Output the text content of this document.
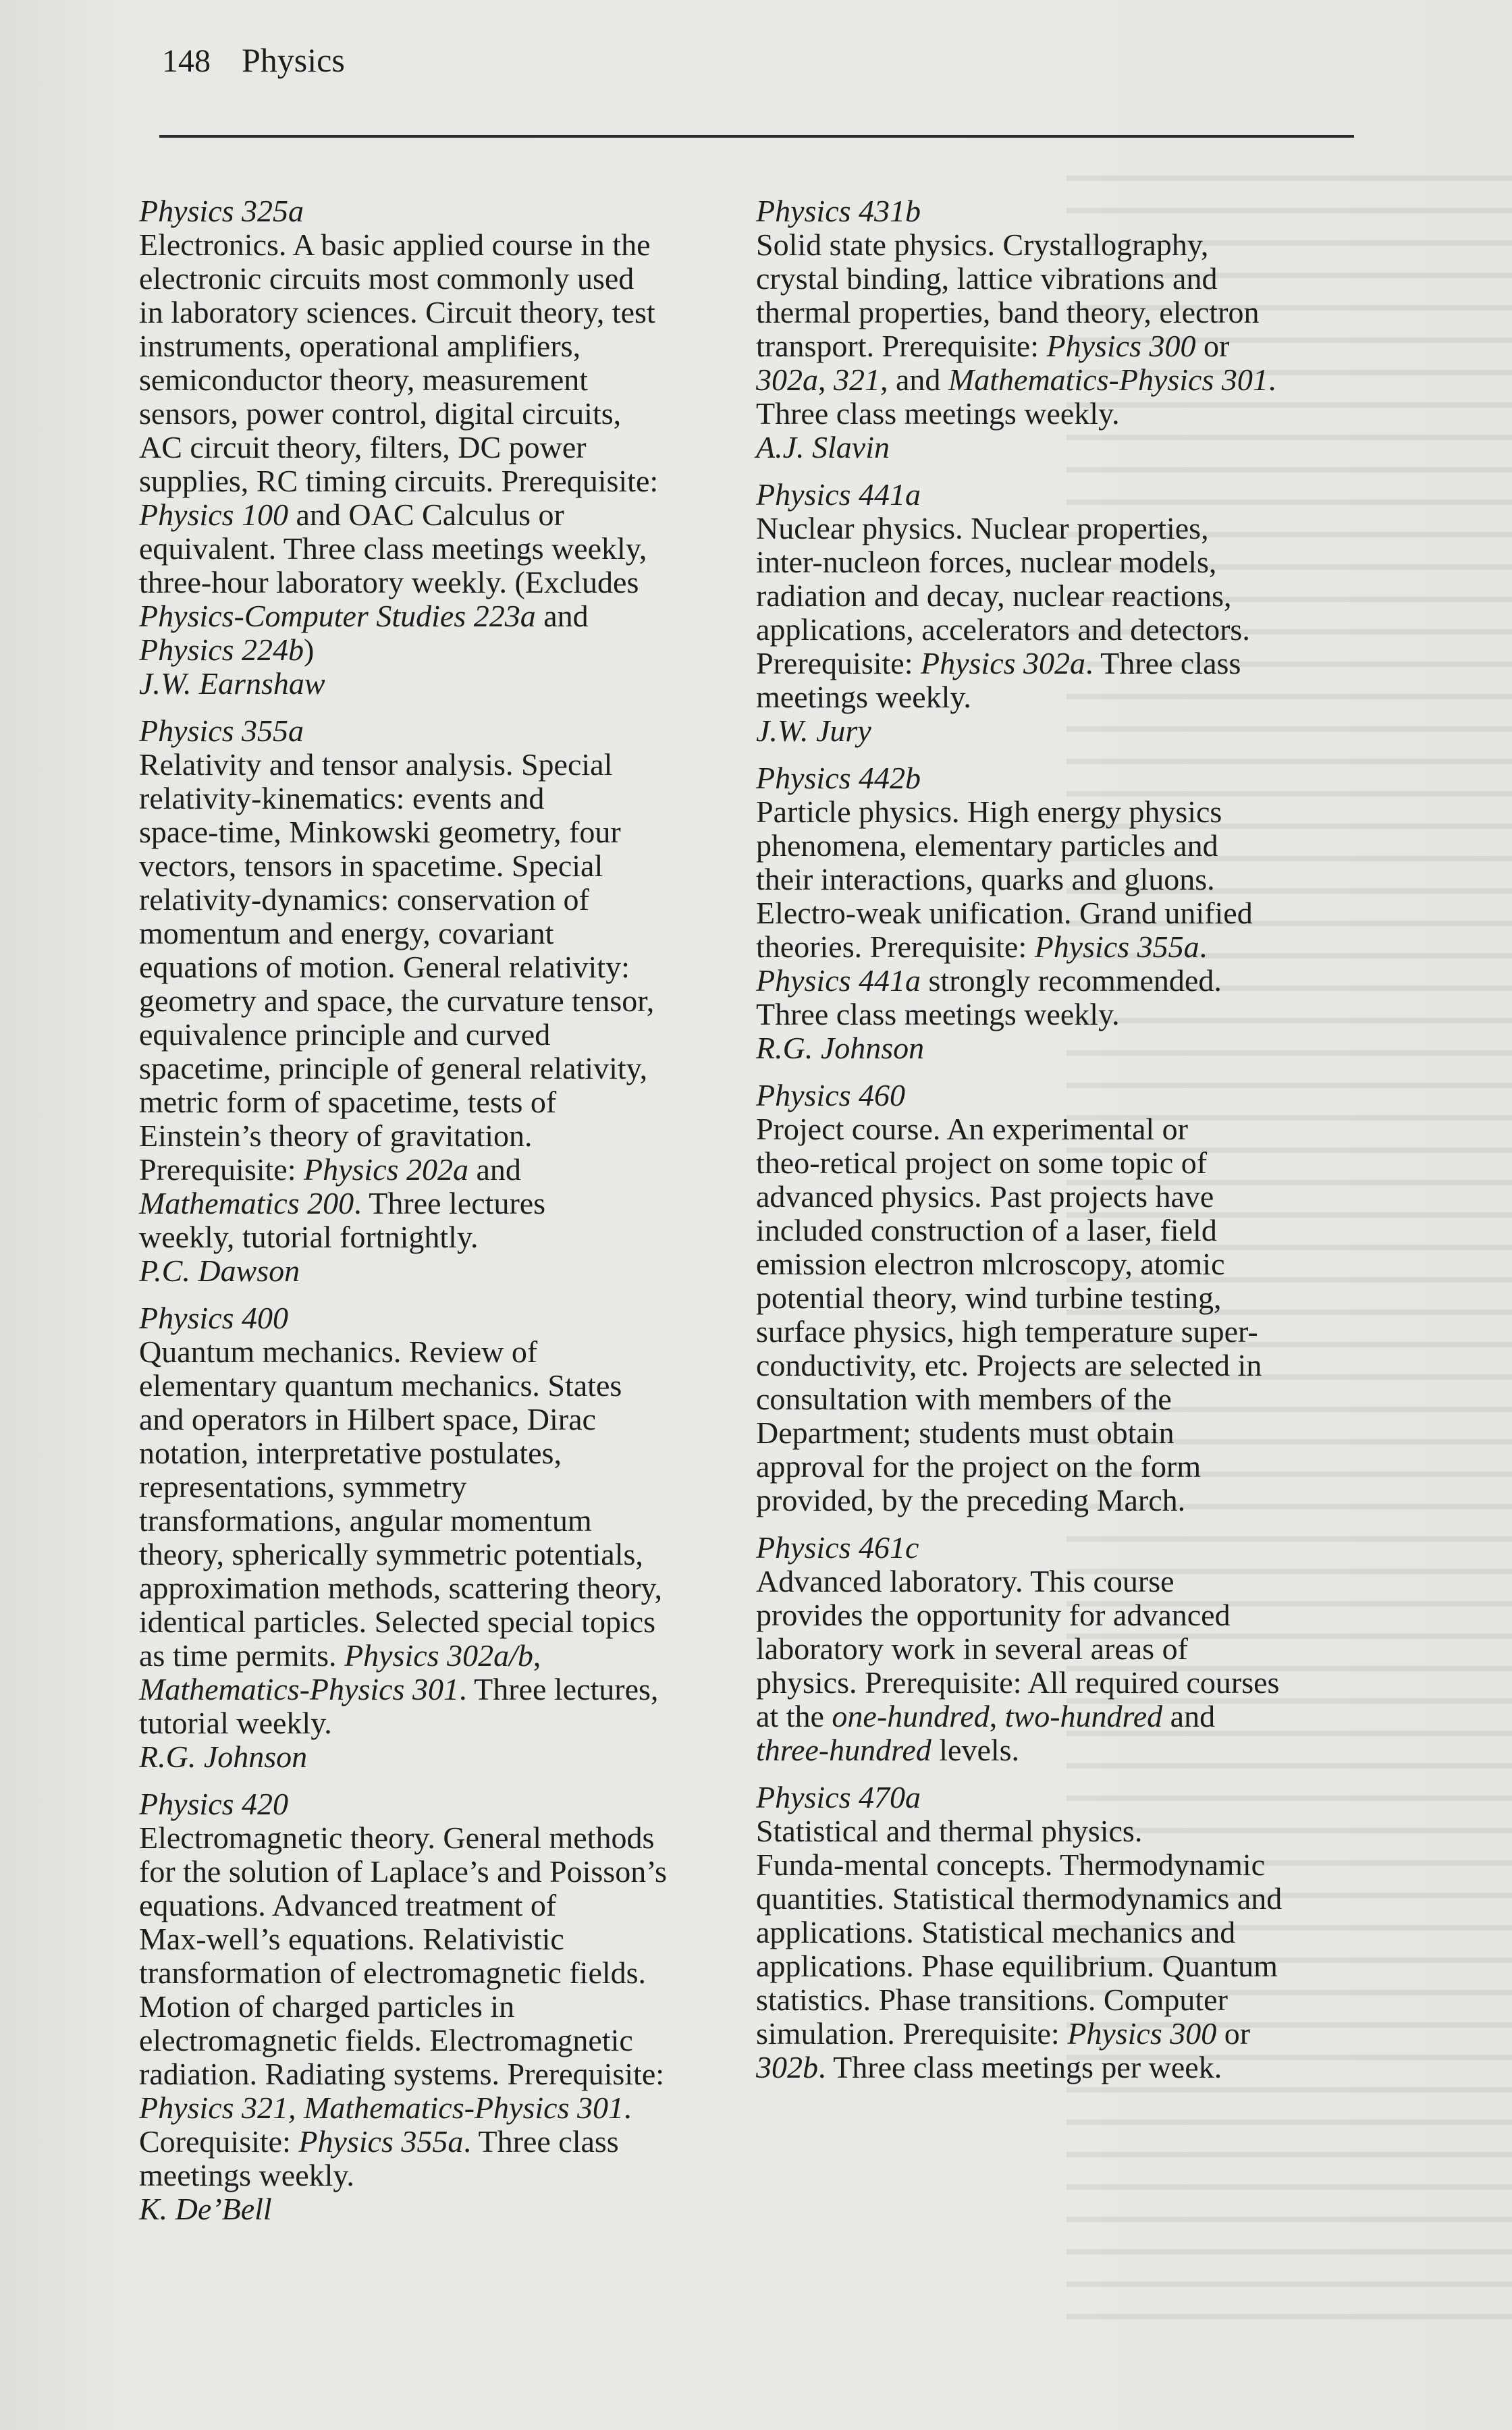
148 Physics
Physics 325a
Electronics. A basic applied course in the
electronic circuits most commonly used
in laboratory sciences. Circuit theory, test
instruments, operational amplifiers,
semiconductor theory, measurement
sensors, power control, digital circuits,
AC circuit theory, filters, DC power
supplies, RC timing circuits. Prerequisite:
Physics 100 and OAC Calculus or
equivalent. Three class meetings weekly,
three-hour laboratory weekly. (Excludes
Physics-Computer Studies 223a and
Physics 224b)
J.W. Earnshaw
Physics 355a
Relativity and tensor analysis. Special
relativity-kinematics: events and
space-time, Minkowski geometry, four
vectors, tensors in spacetime. Special
relativity-dynamics: conservation of
momentum and energy, covariant
equations of motion. General relativity:
geometry and space, the curvature tensor,
equivalence principle and curved
spacetime, principle of general relativity,
metric form of spacetime, tests of
Einstein’s theory of gravitation.
Prerequisite: Physics 202a and
Mathematics 200. Three lectures
weekly, tutorial fortnightly.
P.C. Dawson
Physics 400
Quantum mechanics. Review of
elementary quantum mechanics. States
and operators in Hilbert space, Dirac
notation, interpretative postulates,
representations, symmetry
transformations, angular momentum
theory, spherically symmetric potentials,
approximation methods, scattering theory,
identical particles. Selected special topics
as time permits. Physics 302a/b,
Mathematics-Physics 301. Three lectures,
tutorial weekly.
R.G. Johnson
Physics 420
Electromagnetic theory. General methods
for the solution of Laplace’s and Poisson’s
equations. Advanced treatment of
Max-well’s equations. Relativistic
transformation of electromagnetic fields.
Motion of charged particles in
electromagnetic fields. Electromagnetic
radiation. Radiating systems. Prerequisite:
Physics 321, Mathematics-Physics 301.
Corequisite: Physics 355a. Three class
meetings weekly.
K. De’Bell
Physics 431b
Solid state physics. Crystallography,
crystal binding, lattice vibrations and
thermal properties, band theory, electron
transport. Prerequisite: Physics 300 or
302a, 321, and Mathematics-Physics 301.
Three class meetings weekly.
A.J. Slavin
Physics 441a
Nuclear physics. Nuclear properties,
inter-nucleon forces, nuclear models,
radiation and decay, nuclear reactions,
applications, accelerators and detectors.
Prerequisite: Physics 302a. Three class
meetings weekly.
J.W. Jury
Physics 442b
Particle physics. High energy physics
phenomena, elementary particles and
their interactions, quarks and gluons.
Electro-weak unification. Grand unified
theories. Prerequisite: Physics 355a.
Physics 441a strongly recommended.
Three class meetings weekly.
R.G. Johnson
Physics 460
Project course. An experimental or
theo-retical project on some topic of
advanced physics. Past projects have
included construction of a laser, field
emission electron mlcroscopy, atomic
potential theory, wind turbine testing,
surface physics, high temperature super-
conductivity, etc. Projects are selected in
consultation with members of the
Department; students must obtain
approval for the project on the form
provided, by the preceding March.
Physics 461c
Advanced laboratory. This course
provides the opportunity for advanced
laboratory work in several areas of
physics. Prerequisite: All required courses
at the one-hundred, two-hundred and
three-hundred levels.
Physics 470a
Statistical and thermal physics.
Funda-mental concepts. Thermodynamic
quantities. Statistical thermodynamics and
applications. Statistical mechanics and
applications. Phase equilibrium. Quantum
statistics. Phase transitions. Computer
simulation. Prerequisite: Physics 300 or
302b. Three class meetings per week.
